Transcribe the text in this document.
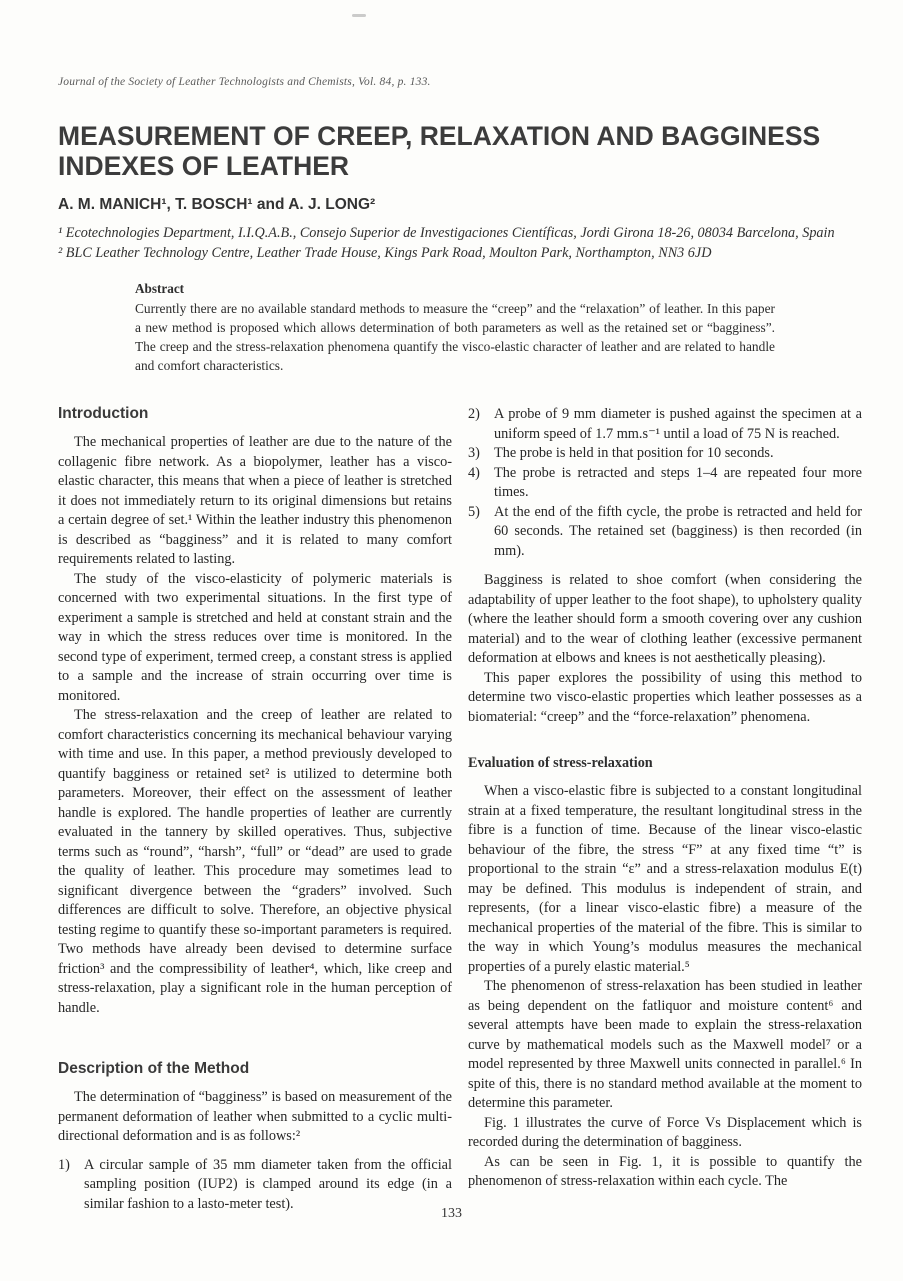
Journal of the Society of Leather Technologists and Chemists, Vol. 84, p. 133.

MEASUREMENT OF CREEP, RELAXATION AND BAGGINESS INDEXES OF LEATHER

A. M. MANICH¹, T. BOSCH¹ and A. J. LONG²

¹ Ecotechnologies Department, I.I.Q.A.B., Consejo Superior de Investigaciones Científicas, Jordi Girona 18-26, 08034 Barcelona, Spain

² BLC Leather Technology Centre, Leather Trade House, Kings Park Road, Moulton Park, Northampton, NN3 6JD

Abstract

Currently there are no available standard methods to measure the “creep” and the “relaxation” of leather. In this paper a new method is proposed which allows determination of both parameters as well as the retained set or “bagginess”. The creep and the stress-relaxation phenomena quantify the visco-elastic character of leather and are related to handle and comfort characteristics.

Introduction

The mechanical properties of leather are due to the nature of the collagenic fibre network. As a biopolymer, leather has a visco-elastic character, this means that when a piece of leather is stretched it does not immediately return to its original dimensions but retains a certain degree of set.¹ Within the leather industry this phenomenon is described as “bagginess” and it is related to many comfort requirements related to lasting.

The study of the visco-elasticity of polymeric materials is concerned with two experimental situations. In the first type of experiment a sample is stretched and held at constant strain and the way in which the stress reduces over time is monitored. In the second type of experiment, termed creep, a constant stress is applied to a sample and the increase of strain occurring over time is monitored.

The stress-relaxation and the creep of leather are related to comfort characteristics concerning its mechanical behaviour varying with time and use. In this paper, a method previously developed to quantify bagginess or retained set² is utilized to determine both parameters. Moreover, their effect on the assessment of leather handle is explored. The handle properties of leather are currently evaluated in the tannery by skilled operatives. Thus, subjective terms such as “round”, “harsh”, “full” or “dead” are used to grade the quality of leather. This procedure may sometimes lead to significant divergence between the “graders” involved. Such differences are difficult to solve. Therefore, an objective physical testing regime to quantify these so-important parameters is required. Two methods have already been devised to determine surface friction³ and the compressibility of leather⁴, which, like creep and stress-relaxation, play a significant role in the human perception of handle.

Description of the Method

The determination of “bagginess” is based on measurement of the permanent deformation of leather when submitted to a cyclic multi-directional deformation and is as follows:²

1) A circular sample of 35 mm diameter taken from the official sampling position (IUP2) is clamped around its edge (in a similar fashion to a lasto-meter test).

2) A probe of 9 mm diameter is pushed against the specimen at a uniform speed of 1.7 mm.s⁻¹ until a load of 75 N is reached.

3) The probe is held in that position for 10 seconds.

4) The probe is retracted and steps 1–4 are repeated four more times.

5) At the end of the fifth cycle, the probe is retracted and held for 60 seconds. The retained set (bagginess) is then recorded (in mm).

Bagginess is related to shoe comfort (when considering the adaptability of upper leather to the foot shape), to upholstery quality (where the leather should form a smooth covering over any cushion material) and to the wear of clothing leather (excessive permanent deformation at elbows and knees is not aesthetically pleasing).

This paper explores the possibility of using this method to determine two visco-elastic properties which leather possesses as a biomaterial: “creep” and the “force-relaxation” phenomena.

Evaluation of stress-relaxation

When a visco-elastic fibre is subjected to a constant longitudinal strain at a fixed temperature, the resultant longitudinal stress in the fibre is a function of time. Because of the linear visco-elastic behaviour of the fibre, the stress “F” at any fixed time “t” is proportional to the strain “ε” and a stress-relaxation modulus E(t) may be defined. This modulus is independent of strain, and represents, (for a linear visco-elastic fibre) a measure of the mechanical properties of the material of the fibre. This is similar to the way in which Young’s modulus measures the mechanical properties of a purely elastic material.⁵

The phenomenon of stress-relaxation has been studied in leather as being dependent on the fatliquor and moisture content⁶ and several attempts have been made to explain the stress-relaxation curve by mathematical models such as the Maxwell model⁷ or a model represented by three Maxwell units connected in parallel.⁶ In spite of this, there is no standard method available at the moment to determine this parameter.

Fig. 1 illustrates the curve of Force Vs Displacement which is recorded during the determination of bagginess.

As can be seen in Fig. 1, it is possible to quantify the phenomenon of stress-relaxation within each cycle. The

133
